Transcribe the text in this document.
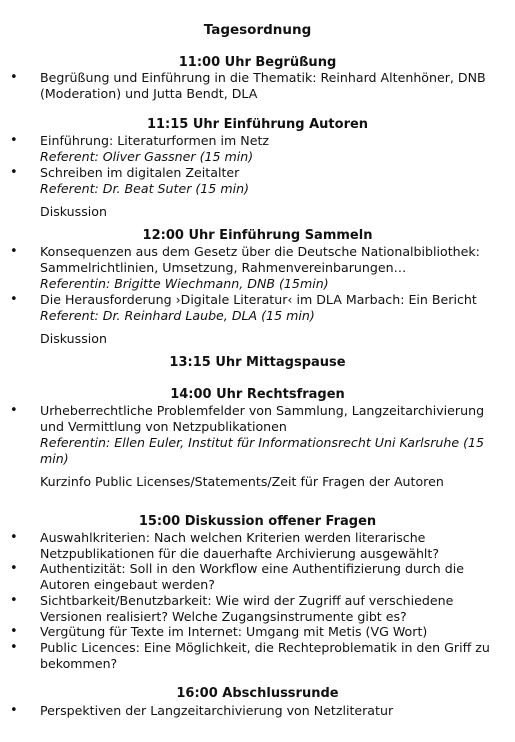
Tagesordnung
11:00 Uhr Begrüßung
• Begrüßung und Einführung in die Thematik: Reinhard Altenhöner, DNB (Moderation) und Jutta Bendt, DLA
11:15 Uhr Einführung Autoren
• Einführung: Literaturformen im Netz
Referent: Oliver Gassner (15 min)
• Schreiben im digitalen Zeitalter
Referent: Dr. Beat Suter (15 min)
Diskussion
12:00 Uhr Einführung Sammeln
• Konsequenzen aus dem Gesetz über die Deutsche Nationalbibliothek: Sammelrichtlinien, Umsetzung, Rahmenvereinbarungen…
Referentin: Brigitte Wiechmann, DNB (15min)
• Die Herausforderung ›Digitale Literatur‹ im DLA Marbach: Ein Bericht
Referent: Dr. Reinhard Laube, DLA (15 min)
Diskussion
13:15 Uhr Mittagspause
14:00 Uhr Rechtsfragen
• Urheberrechtliche Problemfelder von Sammlung, Langzeitarchivierung und Vermittlung von Netzpublikationen
Referentin: Ellen Euler, Institut für Informationsrecht Uni Karlsruhe (15 min)
Kurzinfo Public Licenses/Statements/Zeit für Fragen der Autoren
15:00 Diskussion offener Fragen
• Auswahlkriterien: Nach welchen Kriterien werden literarische Netzpublikationen für die dauerhafte Archivierung ausgewählt?
• Authentizität: Soll in den Workflow eine Authentifizierung durch die Autoren eingebaut werden?
• Sichtbarkeit/Benutzbarkeit: Wie wird der Zugriff auf verschiedene Versionen realisiert? Welche Zugangsinstrumente gibt es?
• Vergütung für Texte im Internet: Umgang mit Metis (VG Wort)
• Public Licences: Eine Möglichkeit, die Rechteproblematik in den Griff zu bekommen?
16:00 Abschlussrunde
• Perspektiven der Langzeitarchivierung von Netzliteratur
